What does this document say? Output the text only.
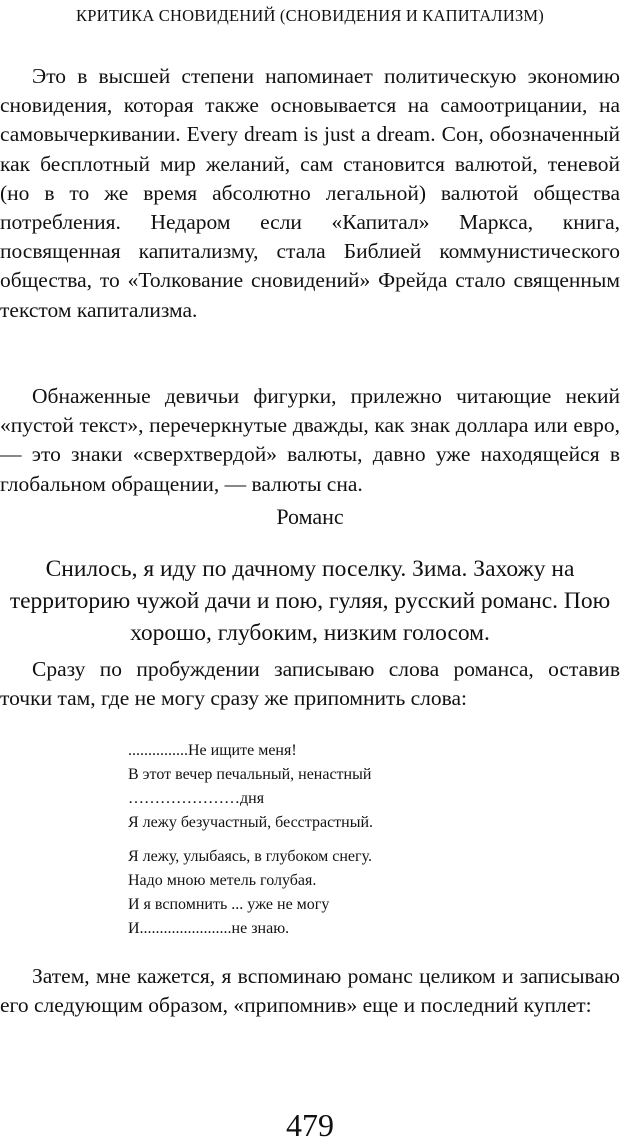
КРИТИКА СНОВИДЕНИЙ (СНОВИДЕНИЯ И КАПИТАЛИЗМ)

Это в высшей степени напоминает политическую экономию сновидения, которая также основывается на самоотрицании, на самовычеркивании. Every dream is just a dream. Сон, обозначенный как бесплотный мир желаний, сам становится валютой, теневой (но в то же время абсолютно легальной) валютой общества потребления. Недаром если «Капитал» Маркса, книга, посвященная капитализму, стала Библией коммунистического общества, то «Толкование сновидений» Фрейда стало священным текстом капитализма.

Обнаженные девичьи фигурки, прилежно читающие некий «пустой текст», перечеркнутые дважды, как знак доллара или евро, — это знаки «сверхтвердой» валюты, давно уже находящейся в глобальном обращении, — валюты сна.

Романс

Снилось, я иду по дачному поселку. Зима. Захожу на территорию чужой дачи и пою, гуляя, русский романс. Пою хорошо, глубоким, низким голосом.

Сразу по пробуждении записываю слова романса, оставив точки там, где не могу сразу же припомнить слова:

...............Не ищите меня!
В этот вечер печальный, ненастный
…………………дня
Я лежу безучастный, бесстрастный.
Я лежу, улыбаясь, в глубоком снегу.
Надо мною метель голубая.
И я вспомнить ... уже не могу
И.......................не знаю.

Затем, мне кажется, я вспоминаю романс целиком и записываю его следующим образом, «припомнив» еще и последний куплет:

479
